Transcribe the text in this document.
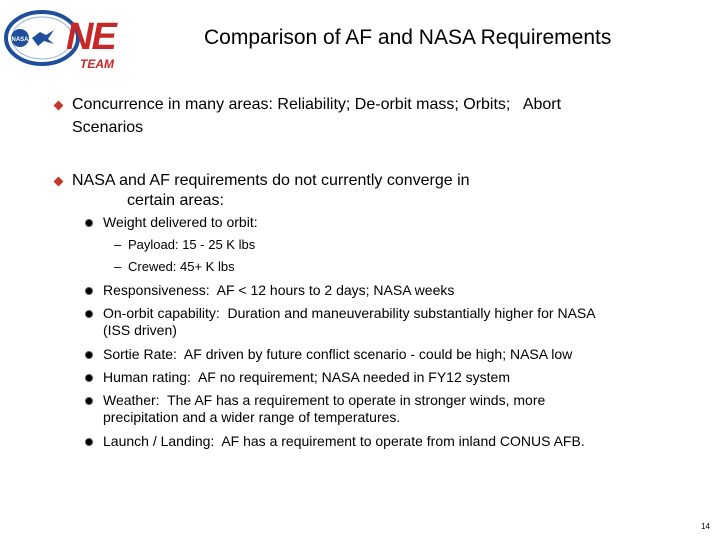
NASA NE
TEAM
Comparison of AF and NASA Requirements
Concurrence in many areas: Reliability; De-orbit mass; Orbits;   Abort
Scenarios
NASA and AF requirements do not currently converge in
certain areas:
Weight delivered to orbit:
– Payload: 15 - 25 K lbs
– Crewed: 45+ K lbs
Responsiveness:  AF < 12 hours to 2 days; NASA weeks
On-orbit capability:  Duration and maneuverability substantially higher for NASA
(ISS driven)
Sortie Rate:  AF driven by future conflict scenario - could be high; NASA low
Human rating:  AF no requirement; NASA needed in FY12 system
Weather:  The AF has a requirement to operate in stronger winds, more
precipitation and a wider range of temperatures.
Launch / Landing:  AF has a requirement to operate from inland CONUS AFB.
14
